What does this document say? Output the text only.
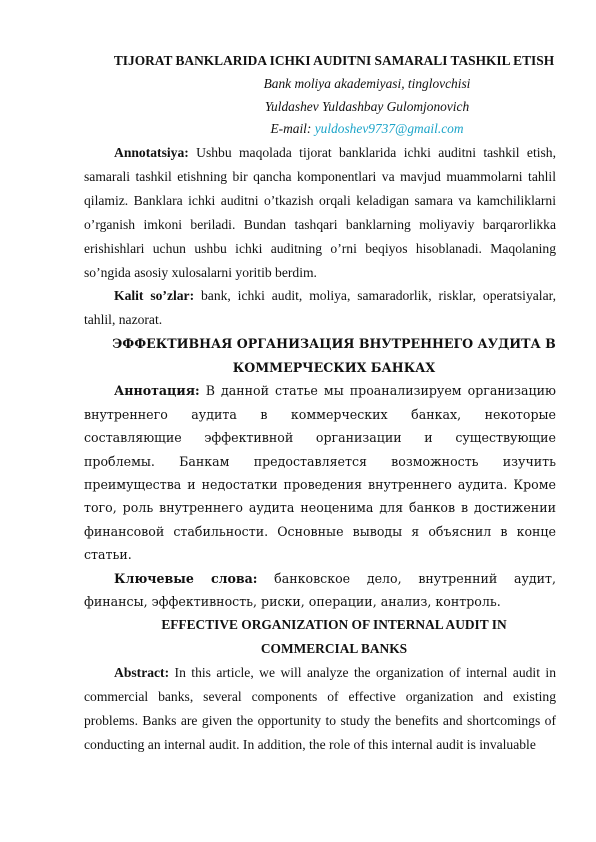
TIJORAT BANKLARIDA ICHKI AUDITNI SAMARALI TASHKIL ETISH
Bank moliya akademiyasi, tinglovchisi
Yuldashev Yuldashbay Gulomjonovich
E-mail: yuldoshev9737@gmail.com

Annotatsiya: Ushbu maqolada tijorat banklarida ichki auditni tashkil etish, samarali tashkil etishning bir qancha komponentlari va mavjud muammolarni tahlil qilamiz. Banklara ichki auditni o’tkazish orqali keladigan samara va kamchiliklarni o’rganish imkoni beriladi. Bundan tashqari banklarning moliyaviy barqarorlikka erishishlari uchun ushbu ichki auditning o’rni beqiyos hisoblanadi. Maqolaning so’ngida asosiy xulosalarni yoritib berdim.

Kalit so’zlar: bank, ichki audit, moliya, samaradorlik, risklar, operatsiyalar, tahlil, nazorat.

ЭФФЕКТИВНАЯ ОРГАНИЗАЦИЯ ВНУТРЕННЕГО АУДИТА В КОММЕРЧЕСКИХ БАНКАХ

Аннотация: В данной статье мы проанализируем организацию внутреннего аудита в коммерческих банках, некоторые составляющие эффективной организации и существующие проблемы. Банкам предоставляется возможность изучить преимущества и недостатки проведения внутреннего аудита. Кроме того, роль внутреннего аудита неоценима для банков в достижении финансовой стабильности. Основные выводы я объяснил в конце статьи.

Ключевые слова: банковское дело, внутренний аудит, финансы, эффективность, риски, операции, анализ, контроль.

EFFECTIVE ORGANIZATION OF INTERNAL AUDIT IN COMMERCIAL BANKS

Abstract: In this article, we will analyze the organization of internal audit in commercial banks, several components of effective organization and existing problems. Banks are given the opportunity to study the benefits and shortcomings of conducting an internal audit. In addition, the role of this internal audit is invaluable
